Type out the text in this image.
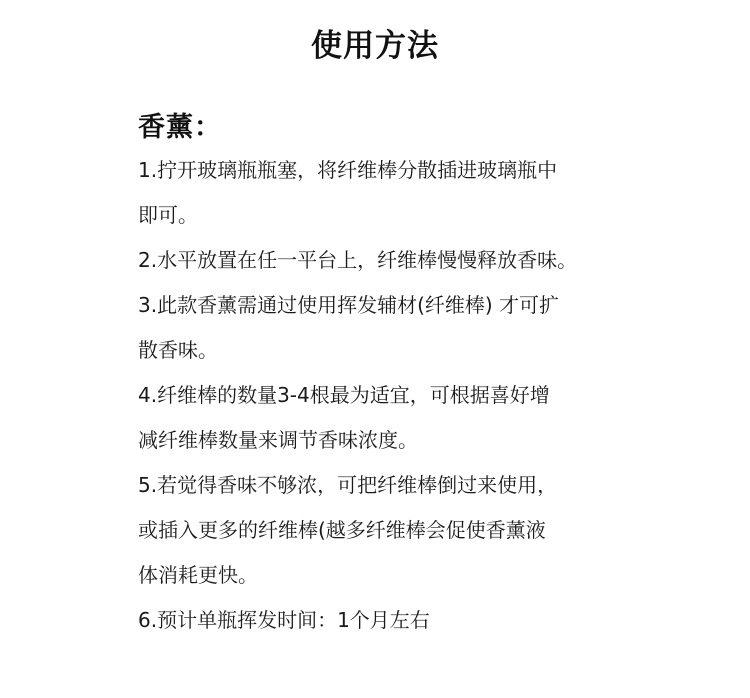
使用方法
香薰：
1.拧开玻璃瓶瓶塞，将纤维棒分散插进玻璃瓶中
即可。
2.水平放置在任一平台上，纤维棒慢慢释放香味。
3.此款香薰需通过使用挥发辅材(纤维棒) 才可扩
散香味。
4.纤维棒的数量3-4根最为适宜，可根据喜好增
减纤维棒数量来调节香味浓度。
5.若觉得香味不够浓，可把纤维棒倒过来使用，
或插入更多的纤维棒(越多纤维棒会促使香薰液
体消耗更快。
6.预计单瓶挥发时间：1个月左右
